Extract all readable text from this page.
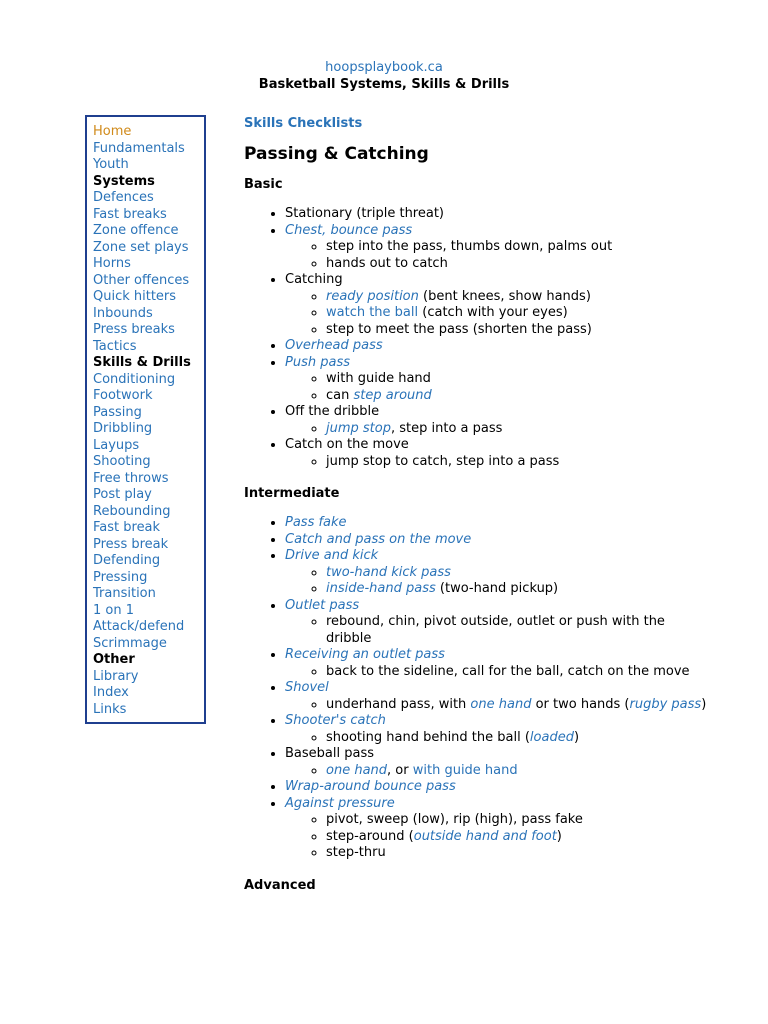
hoopsplaybook.ca
Basketball Systems, Skills & Drills
Home
Fundamentals
Youth
Systems
Defences
Fast breaks
Zone offence
Zone set plays
Horns
Other offences
Quick hitters
Inbounds
Press breaks
Tactics
Skills & Drills
Conditioning
Footwork
Passing
Dribbling
Layups
Shooting
Free throws
Post play
Rebounding
Fast break
Press break
Defending
Pressing
Transition
1 on 1
Attack/defend
Scrimmage
Other
Library
Index
Links
Skills Checklists
Passing & Catching
Basic
• Stationary (triple threat)
• Chest, bounce pass
◦ step into the pass, thumbs down, palms out
◦ hands out to catch
• Catching
◦ ready position (bent knees, show hands)
◦ watch the ball (catch with your eyes)
◦ step to meet the pass (shorten the pass)
• Overhead pass
• Push pass
◦ with guide hand
◦ can step around
• Off the dribble
◦ jump stop, step into a pass
• Catch on the move
◦ jump stop to catch, step into a pass
Intermediate
• Pass fake
• Catch and pass on the move
• Drive and kick
◦ two-hand kick pass
◦ inside-hand pass (two-hand pickup)
• Outlet pass
◦ rebound, chin, pivot outside, outlet or push with the dribble
• Receiving an outlet pass
◦ back to the sideline, call for the ball, catch on the move
• Shovel
◦ underhand pass, with one hand or two hands (rugby pass)
• Shooter's catch
◦ shooting hand behind the ball (loaded)
• Baseball pass
◦ one hand, or with guide hand
• Wrap-around bounce pass
• Against pressure
◦ pivot, sweep (low), rip (high), pass fake
◦ step-around (outside hand and foot)
◦ step-thru
Advanced
